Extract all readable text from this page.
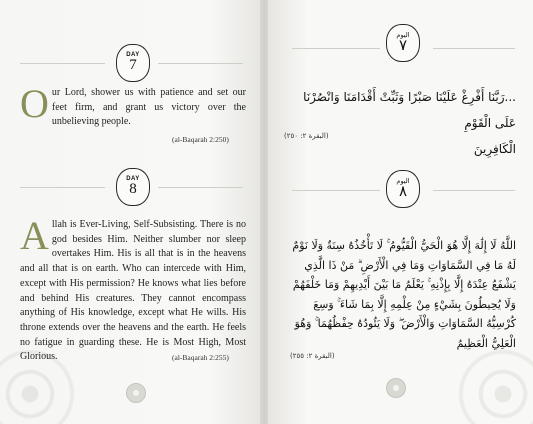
DAY
7
Our Lord, shower us with patience and set our feet firm, and grant us victory over the unbelieving people.
(al-Baqarah 2:250)
DAY
8
Allah is Ever-Living, Self-Subsisting. There is no god besides Him. Neither slumber nor sleep overtakes Him. His is all that is in the heavens and all that is on earth. Who can intercede with Him, except with His permission? He knows what lies before and behind His creatures. They cannot encompass anything of His knowledge, except what He wills. His throne extends over the heavens and the earth. He feels no fatigue in guarding these. He is Most High, Most Glorious.	(al-Baqarah 2:255)
اليوم
٧
...رَبَّنَا أَفْرِغْ عَلَيْنَا صَبْرًا وَثَبِّتْ أَقْدَامَنَا وَانْصُرْنَا عَلَى الْقَوْمِ
الْكَافِرِينَ
(البقرة ٢: ٢٥٠)
اليوم
٨
اللَّهُ لَا إِلَٰهَ إِلَّا هُوَ الْحَيُّ الْقَيُّومُ ۚ لَا تَأْخُذُهُ سِنَةٌ وَلَا نَوْمٌ
لَهُ مَا فِي السَّمَاوَاتِ وَمَا فِي الْأَرْضِ ۗ مَنْ ذَا الَّذِي
يَشْفَعُ عِنْدَهُ إِلَّا بِإِذْنِهِ ۚ يَعْلَمُ مَا بَيْنَ أَيْدِيهِمْ وَمَا خَلْفَهُمْ
وَلَا يُحِيطُونَ بِشَيْءٍ مِنْ عِلْمِهِ إِلَّا بِمَا شَاءَ ۚ وَسِعَ
كُرْسِيُّهُ السَّمَاوَاتِ وَالْأَرْضَ ۖ وَلَا يَئُودُهُ حِفْظُهُمَا ۚ وَهُوَ
الْعَلِيُّ الْعَظِيمُ
(البقرة ٢: ٢٥٥)
